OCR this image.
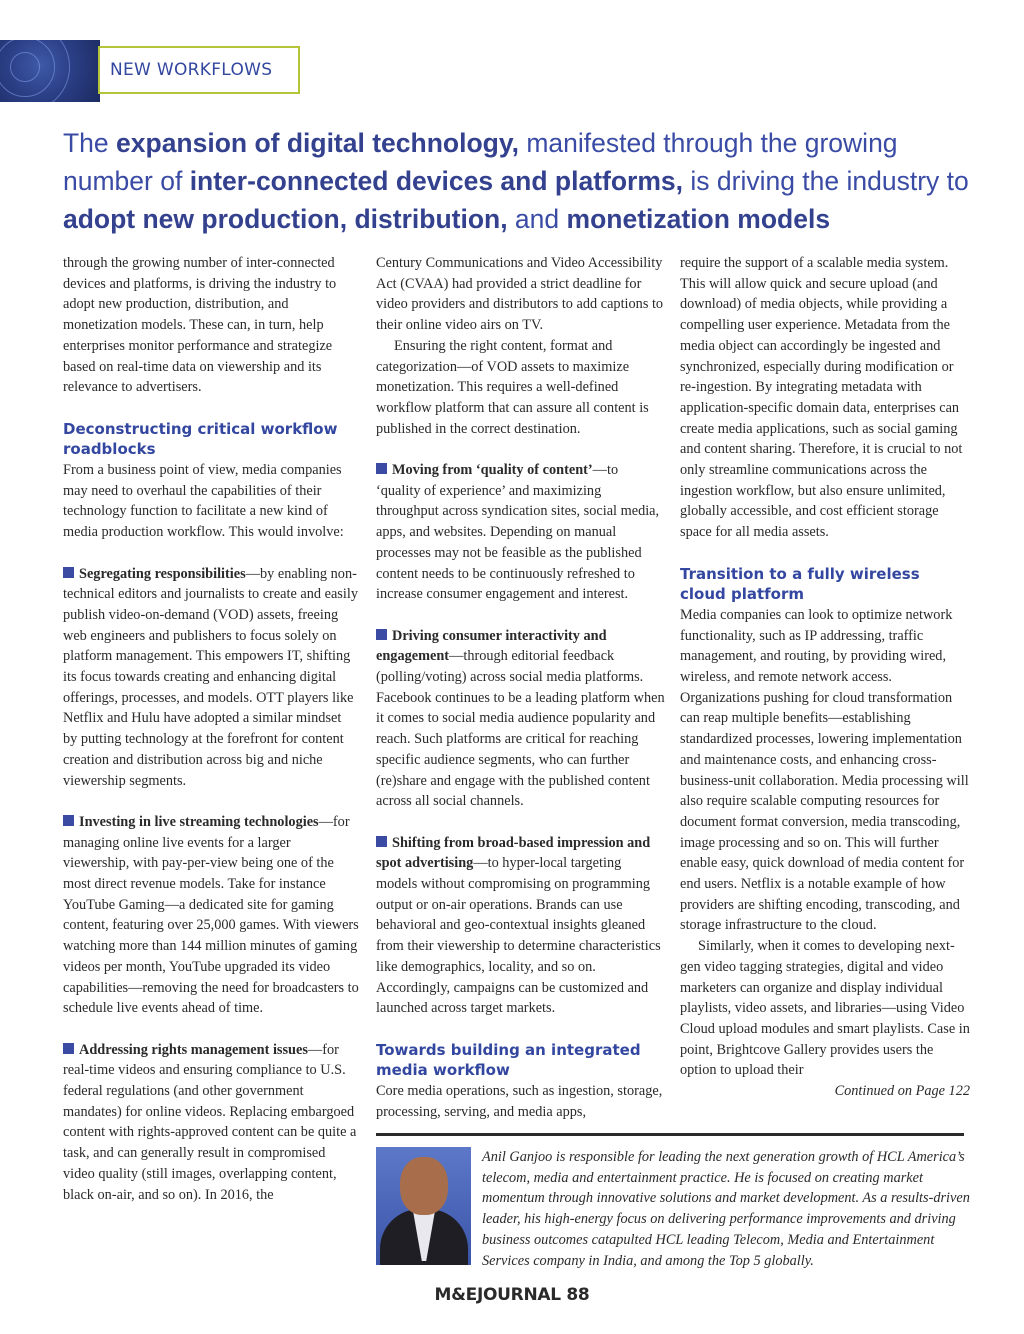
NEW WORKFLOWS
The expansion of digital technology, manifested through the growing number of inter-connected devices and platforms, is driving the industry to adopt new production, distribution, and monetization models

through the growing number of inter-connected devices and platforms, is driving the industry to adopt new production, distribution, and monetization models. These can, in turn, help enterprises monitor performance and strategize based on real-time data on viewership and its relevance to advertisers.

Deconstructing critical workflow roadblocks

From a business point of view, media companies may need to overhaul the capabilities of their technology function to facilitate a new kind of media production workflow. This would involve:

Segregating responsibilities—by enabling non-technical editors and journalists to create and easily publish video-on-demand (VOD) assets, freeing web engineers and publishers to focus solely on platform management. This empowers IT, shifting its focus towards creating and enhancing digital offerings, processes, and models. OTT players like Netflix and Hulu have adopted a similar mindset by putting technology at the forefront for content creation and distribution across big and niche viewership segments.

Investing in live streaming technologies—for managing online live events for a larger viewership, with pay-per-view being one of the most direct revenue models. Take for instance YouTube Gaming—a dedicated site for gaming content, featuring over 25,000 games. With viewers watching more than 144 million minutes of gaming videos per month, YouTube upgraded its video capabilities—removing the need for broadcasters to schedule live events ahead of time.

Addressing rights management issues—for real-time videos and ensuring compliance to U.S. federal regulations (and other government mandates) for online videos. Replacing embargoed content with rights-approved content can be quite a task, and can generally result in compromised video quality (still images, overlapping content, black on-air, and so on). In 2016, the

Century Communications and Video Accessibility Act (CVAA) had provided a strict deadline for video providers and distributors to add captions to their online video airs on TV.

Ensuring the right content, format and categorization—of VOD assets to maximize monetization. This requires a well-defined workflow platform that can assure all content is published in the correct destination.

Moving from ‘quality of content’—to ‘quality of experience’ and maximizing throughput across syndication sites, social media, apps, and websites. Depending on manual processes may not be feasible as the published content needs to be continuously refreshed to increase consumer engagement and interest.

Driving consumer interactivity and engagement—through editorial feedback (polling/voting) across social media platforms. Facebook continues to be a leading platform when it comes to social media audience popularity and reach. Such platforms are critical for reaching specific audience segments, who can further (re)share and engage with the published content across all social channels.

Shifting from broad-based impression and spot advertising—to hyper-local targeting models without compromising on programming output or on-air operations. Brands can use behavioral and geo-contextual insights gleaned from their viewership to determine characteristics like demographics, locality, and so on. Accordingly, campaigns can be customized and launched across target markets.

Towards building an integrated media workflow

Core media operations, such as ingestion, storage, processing, serving, and media apps,

require the support of a scalable media system. This will allow quick and secure upload (and download) of media objects, while providing a compelling user experience. Metadata from the media object can accordingly be ingested and synchronized, especially during modification or re-ingestion. By integrating metadata with application-specific domain data, enterprises can create media applications, such as social gaming and content sharing. Therefore, it is crucial to not only streamline communications across the ingestion workflow, but also ensure unlimited, globally accessible, and cost efficient storage space for all media assets.

Transition to a fully wireless cloud platform

Media companies can look to optimize network functionality, such as IP addressing, traffic management, and routing, by providing wired, wireless, and remote network access. Organizations pushing for cloud transformation can reap multiple benefits—establishing standardized processes, lowering implementation and maintenance costs, and enhancing cross-business-unit collaboration. Media processing will also require scalable computing resources for document format conversion, media transcoding, image processing and so on. This will further enable easy, quick download of media content for end users. Netflix is a notable example of how providers are shifting encoding, transcoding, and storage infrastructure to the cloud.

Similarly, when it comes to developing next-gen video tagging strategies, digital and video marketers can organize and display individual playlists, video assets, and libraries—using Video Cloud upload modules and smart playlists. Case in point, Brightcove Gallery provides users the option to upload their

Continued on Page 122

Anil Ganjoo is responsible for leading the next generation growth of HCL America’s telecom, media and entertainment practice. He is focused on creating market momentum through innovative solutions and market development. As a results-driven leader, his high-energy focus on delivering performance improvements and driving business outcomes catapulted HCL leading Telecom, Media and Entertainment Services company in India, and among the Top 5 globally.
M&EJOURNAL 88
